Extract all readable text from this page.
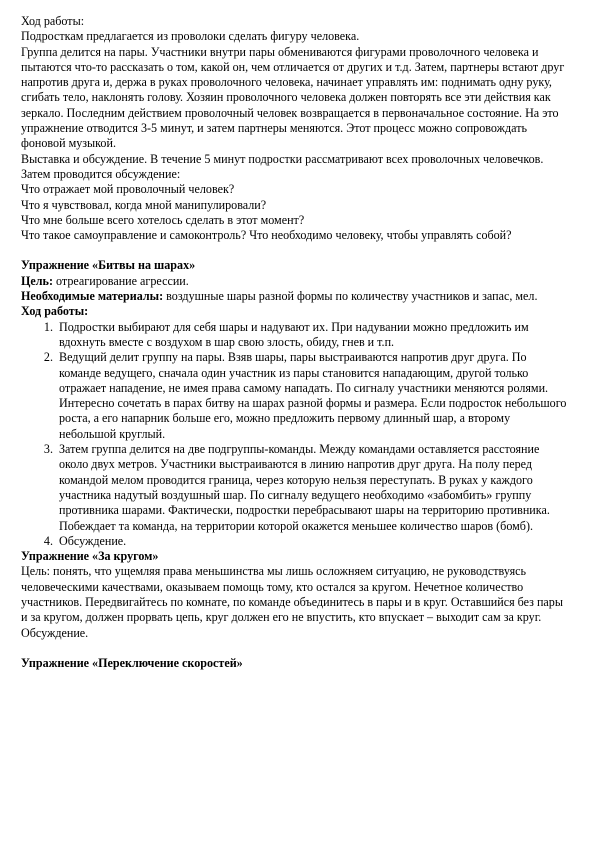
Ход работы:

Подросткам предлагается из проволоки сделать фигуру человека.

Группа делится на пары. Участники внутри пары обмениваются фигурами проволочного человека и пытаются что-то рассказать о том, какой он, чем отличается от других и т.д. Затем, партнеры встают друг напротив друга и, держа в руках проволочного человека, начинает управлять им: поднимать одну руку, сгибать тело, наклонять голову. Хозяин проволочного человека должен повторять все эти действия как зеркало. Последним действием проволочный человек возвращается в первоначальное состояние. На это упражнение отводится 3-5 минут, и затем партнеры меняются. Этот процесс можно сопровождать фоновой музыкой.

Выставка и обсуждение. В течение 5 минут подростки рассматривают всех проволочных человечков. Затем проводится обсуждение:

Что отражает мой проволочный человек?

Что я чувствовал, когда мной манипулировали?

Что мне больше всего хотелось сделать в этот момент?

Что такое самоуправление и самоконтроль? Что необходимо человеку, чтобы управлять собой?

Упражнение «Битвы на шарах»

Цель: отреагирование агрессии.

Необходимые материалы: воздушные шары разной формы по количеству участников и запас, мел.

Ход работы:

1. Подростки выбирают для себя шары и надувают их. При надувании можно предложить им вдохнуть вместе с воздухом в шар свою злость, обиду, гнев и т.п.
2. Ведущий делит группу на пары. Взяв шары, пары выстраиваются напротив друг друга. По команде ведущего, сначала один участник из пары становится нападающим, другой только отражает нападение, не имея права самому нападать. По сигналу участники меняются ролями. Интересно сочетать в парах битву на шарах разной формы и размера. Если подросток небольшого роста, а его напарник больше его, можно предложить первому длинный шар, а второму небольшой круглый.
3. Затем группа делится на две подгруппы-команды. Между командами оставляется расстояние около двух метров. Участники выстраиваются в линию напротив друг друга. На полу перед командой мелом проводится граница, через которую нельзя переступать. В руках у каждого участника надутый воздушный шар. По сигналу ведущего необходимо «забомбить» группу противника шарами. Фактически, подростки перебрасывают шары на территорию противника. Побеждает та команда, на территории которой окажется меньшее количество шаров (бомб).
4. Обсуждение.

Упражнение «За кругом»

Цель: понять, что ущемляя права меньшинства мы лишь осложняем ситуацию, не руководствуясь человеческими качествами, оказываем помощь тому, кто остался за кругом. Нечетное количество участников. Передвигайтесь по комнате, по команде объединитесь в пары и в круг. Оставшийся без пары и за кругом, должен прорвать цепь, круг должен его не впустить, кто впускает – выходит сам за круг. Обсуждение.

Упражнение «Переключение скоростей»
